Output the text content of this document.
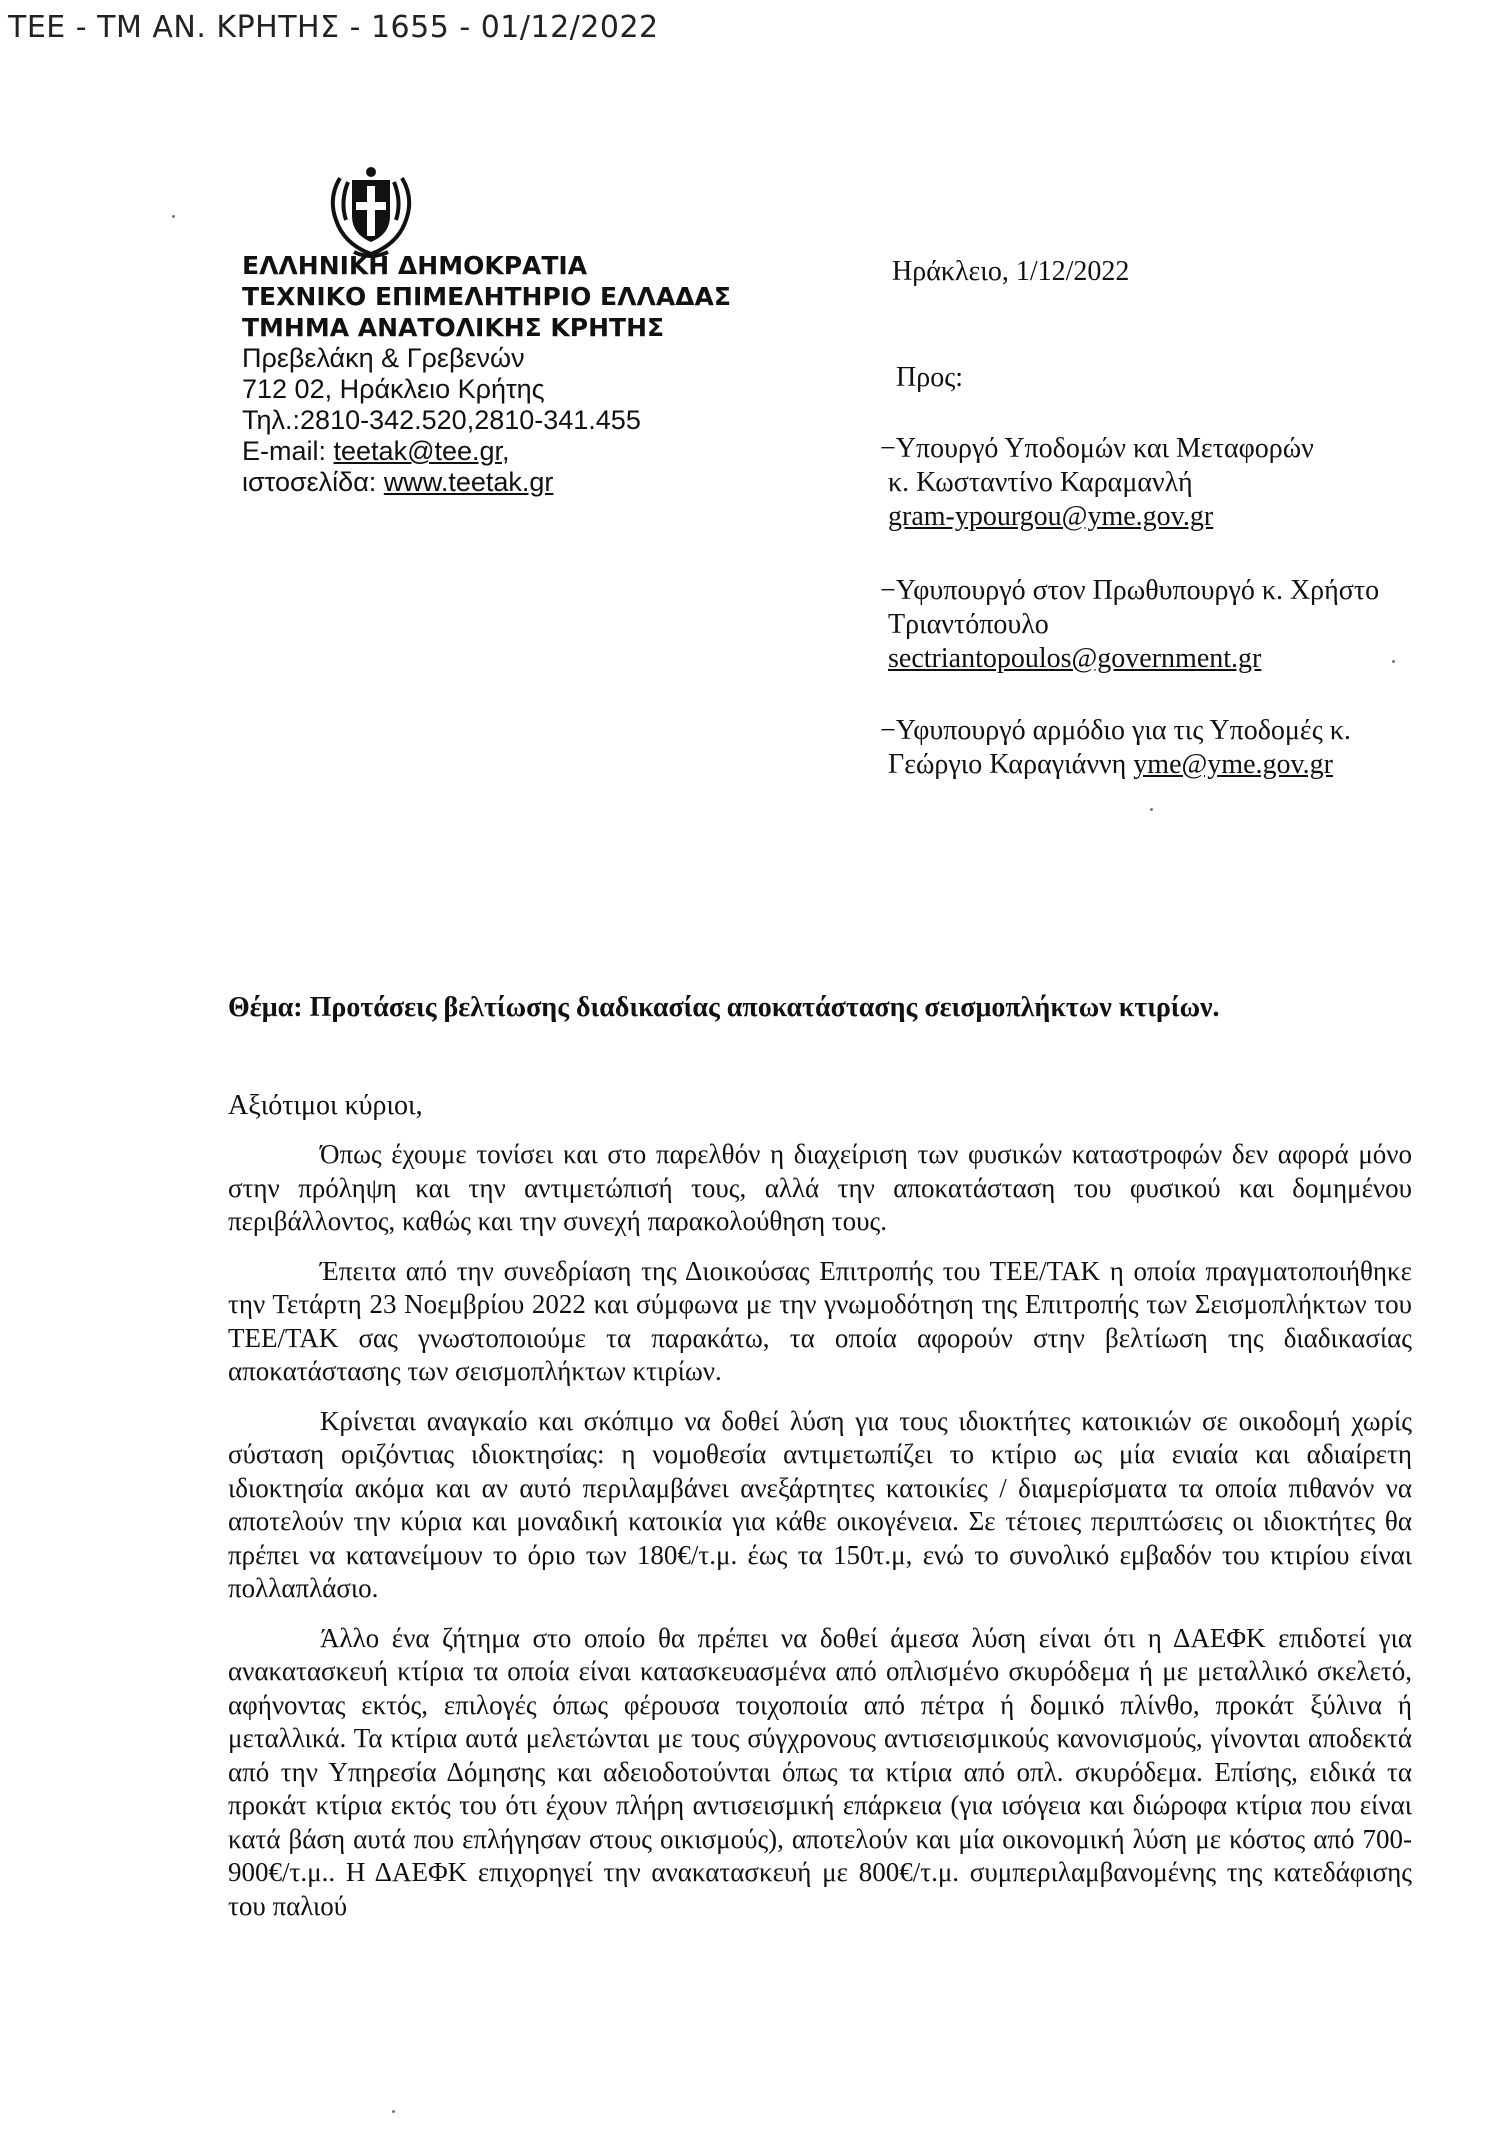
ΤΕΕ - ΤΜ ΑΝ. ΚΡΗΤΗΣ - 1655 - 01/12/2022
ΕΛΛΗΝΙΚΗ ΔΗΜΟΚΡΑΤΙΑ
ΤΕΧΝΙΚΟ ΕΠΙΜΕΛΗΤΗΡΙΟ ΕΛΛΑΔΑΣ
ΤΜΗΜΑ ΑΝΑΤΟΛΙΚΗΣ ΚΡΗΤΗΣ
Πρεβελάκη & Γρεβενών
712 02, Ηράκλειο Κρήτης
Τηλ.:2810-342.520,2810-341.455
E-mail: teetak@tee.gr,
ιστοσελίδα: www.teetak.gr
Ηράκλειο, 1/12/2022
Προς:
−Υπουργό Υποδομών και Μεταφορών
κ. Κωσταντίνο Καραμανλή
gram-ypourgou@yme.gov.gr
−Υφυπουργό στον Πρωθυπουργό κ. Χρήστο
Τριαντόπουλο
sectriantopoulos@government.gr
−Υφυπουργό αρμόδιο για τις Υποδομές κ.
Γεώργιο Καραγιάννη yme@yme.gov.gr
Θέμα: Προτάσεις βελτίωσης διαδικασίας αποκατάστασης σεισμοπλήκτων κτιρίων.
Αξιότιμοι κύριοι,

Όπως έχουμε τονίσει και στο παρελθόν η διαχείριση των φυσικών καταστροφών δεν αφορά μόνο στην πρόληψη και την αντιμετώπισή τους, αλλά την αποκατάσταση του φυσικού και δομημένου περιβάλλοντος, καθώς και την συνεχή παρακολούθηση τους.

Έπειτα από την συνεδρίαση της Διοικούσας Επιτροπής του ΤΕΕ/ΤΑΚ η οποία πραγματοποιήθηκε την Τετάρτη 23 Νοεμβρίου 2022 και σύμφωνα με την γνωμοδότηση της Επιτροπής των Σεισμοπλήκτων του ΤΕΕ/ΤΑΚ σας γνωστοποιούμε τα παρακάτω, τα οποία αφορούν στην βελτίωση της διαδικασίας αποκατάστασης των σεισμοπλήκτων κτιρίων.

Κρίνεται αναγκαίο και σκόπιμο να δοθεί λύση για τους ιδιοκτήτες κατοικιών σε οικοδομή χωρίς σύσταση οριζόντιας ιδιοκτησίας: η νομοθεσία αντιμετωπίζει το κτίριο ως μία ενιαία και αδιαίρετη ιδιοκτησία ακόμα και αν αυτό περιλαμβάνει ανεξάρτητες κατοικίες / διαμερίσματα τα οποία πιθανόν να αποτελούν την κύρια και μοναδική κατοικία για κάθε οικογένεια. Σε τέτοιες περιπτώσεις οι ιδιοκτήτες θα πρέπει να κατανείμουν το όριο των 180€/τ.μ. έως τα 150τ.μ, ενώ το συνολικό εμβαδόν του κτιρίου είναι πολλαπλάσιο.

Άλλο ένα ζήτημα στο οποίο θα πρέπει να δοθεί άμεσα λύση είναι ότι η ΔΑΕΦΚ επιδοτεί για ανακατασκευή κτίρια τα οποία είναι κατασκευασμένα από οπλισμένο σκυρόδεμα ή με μεταλλικό σκελετό, αφήνοντας εκτός, επιλογές όπως φέρουσα τοιχοποιία από πέτρα ή δομικό πλίνθο, προκάτ ξύλινα ή μεταλλικά. Τα κτίρια αυτά μελετώνται με τους σύγχρονους αντισεισμικούς κανονισμούς, γίνονται αποδεκτά από την Υπηρεσία Δόμησης και αδειοδοτούνται όπως τα κτίρια από οπλ. σκυρόδεμα. Επίσης, ειδικά τα προκάτ κτίρια εκτός του ότι έχουν πλήρη αντισεισμική επάρκεια (για ισόγεια και διώροφα κτίρια που είναι κατά βάση αυτά που επλήγησαν στους οικισμούς), αποτελούν και μία οικονομική λύση με κόστος από 700-900€/τ.μ.. Η ΔΑΕΦΚ επιχορηγεί την ανακατασκευή με 800€/τ.μ. συμπεριλαμβανομένης της κατεδάφισης του παλιού
